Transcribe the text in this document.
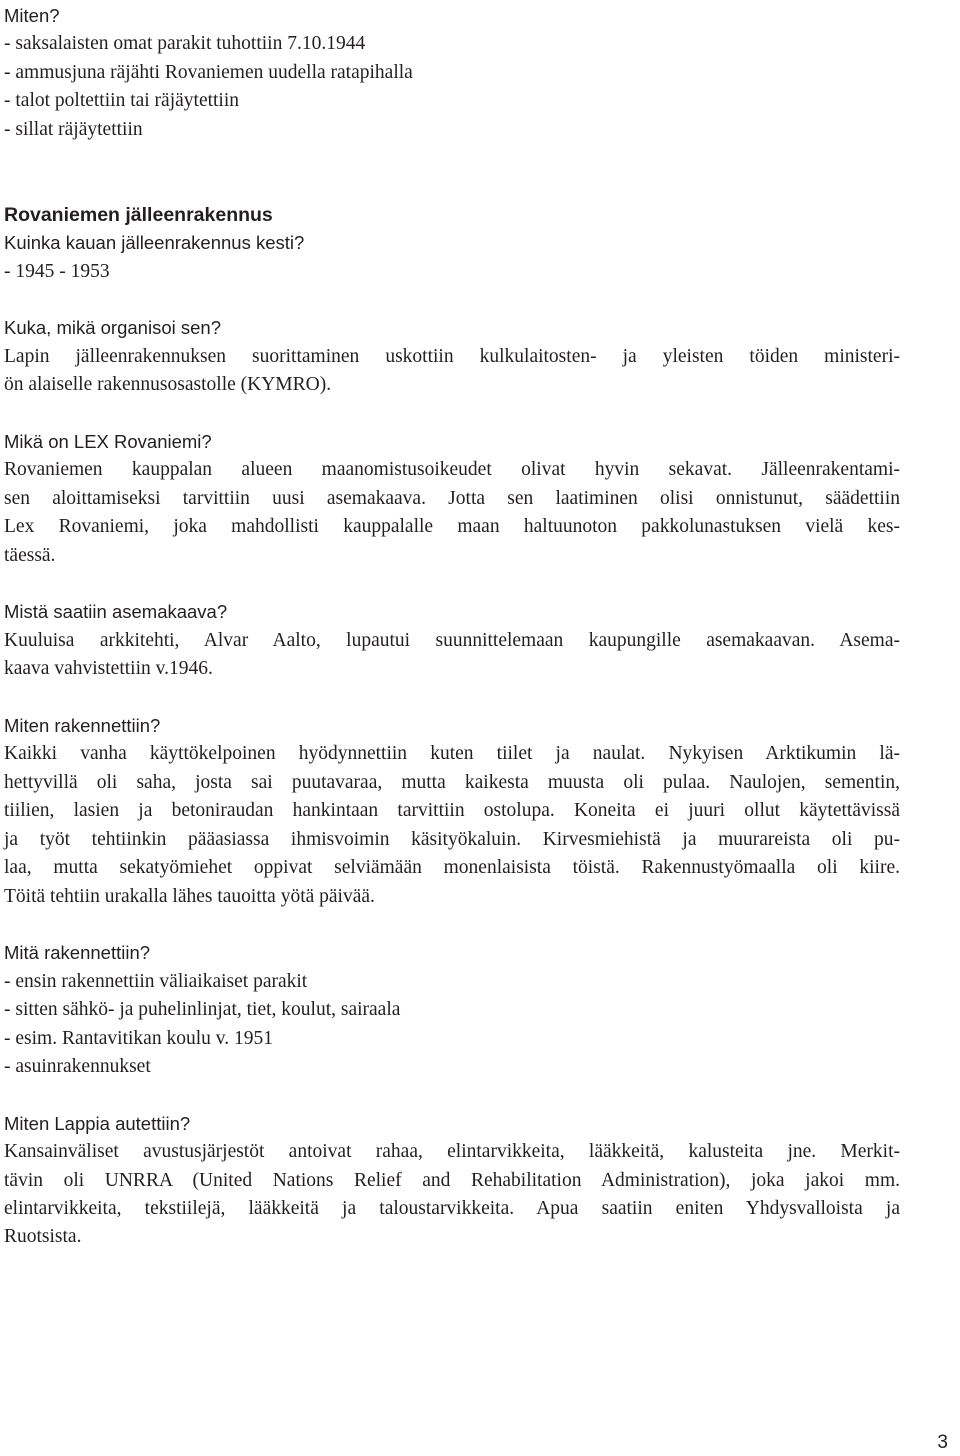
Miten?
- saksalaisten omat parakit tuhottiin 7.10.1944
- ammusjuna räjähti Rovaniemen uudella ratapihalla
- talot poltettiin tai räjäytettiin
- sillat räjäytettiin
Rovaniemen jälleenrakennus
Kuinka kauan jälleenrakennus kesti?
- 1945 - 1953
Kuka, mikä organisoi sen?
Lapin jälleenrakennuksen suorittaminen uskottiin kulkulaitosten- ja yleisten töiden ministeri-
ön alaiselle rakennusosastolle (KYMRO).
Mikä on LEX Rovaniemi?
Rovaniemen kauppalan alueen maanomistusoikeudet olivat hyvin sekavat. Jälleenrakentami-
sen aloittamiseksi tarvittiin uusi asemakaava. Jotta sen laatiminen olisi onnistunut, säädettiin
Lex Rovaniemi, joka mahdollisti kauppalalle maan haltuunoton pakkolunastuksen vielä kes-
täessä.
Mistä saatiin asemakaava?
Kuuluisa arkkitehti, Alvar Aalto, lupautui suunnittelemaan kaupungille asemakaavan. Asema-
kaava vahvistettiin v.1946.
Miten rakennettiin?
Kaikki vanha käyttökelpoinen hyödynnettiin kuten tiilet ja naulat. Nykyisen Arktikumin lä-
hettyvillä oli saha, josta sai puutavaraa, mutta kaikesta muusta oli pulaa. Naulojen, sementin,
tiilien, lasien ja betoniraudan hankintaan tarvittiin ostolupa. Koneita ei juuri ollut käytettävissä
ja työt tehtiinkin pääasiassa ihmisvoimin käsityökaluin. Kirvesmiehistä ja muurareista oli pu-
laa, mutta sekatyömiehet oppivat selviämään monenlaisista töistä. Rakennustyömaalla oli kiire.
Töitä tehtiin urakalla lähes tauoitta yötä päivää.
Mitä rakennettiin?
- ensin rakennettiin väliaikaiset parakit
- sitten sähkö- ja puhelinlinjat, tiet, koulut, sairaala
- esim. Rantavitikan koulu v. 1951
- asuinrakennukset
Miten Lappia autettiin?
Kansainväliset avustusjärjestöt antoivat rahaa, elintarvikkeita, lääkkeitä, kalusteita jne. Merkit-
tävin oli UNRRA (United Nations Relief and Rehabilitation Administration), joka jakoi mm.
elintarvikkeita, tekstiilejä, lääkkeitä ja taloustarvikkeita. Apua saatiin eniten Yhdysvalloista ja
Ruotsista.
3
